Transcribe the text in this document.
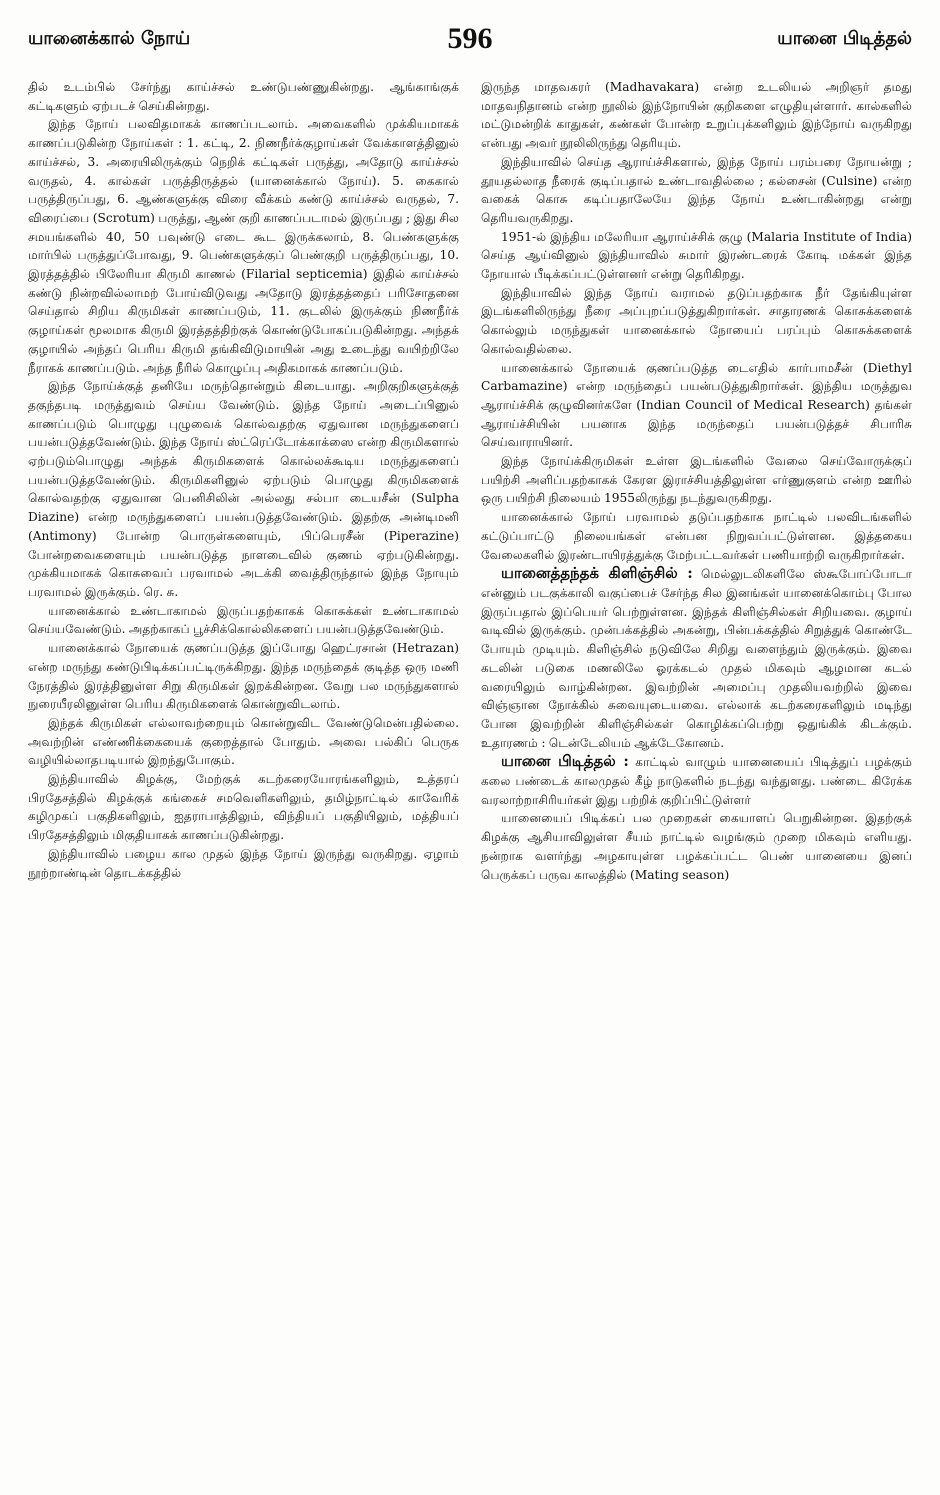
யானைக்கால் நோய்	596	யானை பிடித்தல்

தில் உடம்பில் சேர்ந்து காய்ச்சல் உண்டுபண்ணுகின்றது. ஆங்காங்குக் கட்டிகளும் ஏற்படச் செய்கின்றது.

இந்த நோய் பலவிதமாகக் காணப்படலாம். அவைகளில் முக்கியமாகக் காணப்படுகின்ற நோய்கள் : 1. கட்டி, 2. நிணநீர்க்குழாய்கள் வேக்காளத்தினுல் காய்ச்சல், 3. அரையிலிருக்கும் நெறிக் கட்டிகள் பருத்து, அதோடு காய்ச்சல் வருதல், 4. கால்கள் பருத்திருத்தல் (யானைக்கால் நோய்). 5. கைகால் பருத்திருப்பது, 6. ஆண்களுக்கு விரை வீக்கம் கண்டு காய்ச்சல் வருதல், 7. விரைப்பை (Scrotum) பருத்து, ஆண் குறி காணப்படாமல் இருப்பது ; இது சில சமயங்களில் 40, 50 பவுண்டு எடை கூட இருக்கலாம், 8. பெண்களுக்கு மார்பில் பருத்துப்போவது, 9. பெண்களுக்குப் பெண்குறி பருத்திருப்பது, 10. இரத்தத்தில் பிலேரியா கிருமி காணல் (Filarial septicemia) இதில் காய்ச்சல் கண்டு நின்றவில்லாமற் போய்விடுவது அதோடு இரத்தத்தைப் பரிசோதனை செய்தால் சிறிய கிருமிகள் காணப்படும், 11. குடலில் இருக்கும் நிணநீர்க் குழாய்கள் மூலமாக கிருமி இரத்தத்திற்குக் கொண்டுபோகப்படுகின்றது. அந்தக் குழாயில் அந்தப் பெரிய கிருமி தங்கிவிடுமாயின் அது உடைந்து வயிற்றிலே நீராகக் காணப்படும். அந்த நீரில் கொழுப்பு அதிகமாகக் காணப்படும்.

இந்த நோய்க்குத் தனியே மருந்தொன்றும் கிடையாது. அறிகுறிகளுக்குத் தகுந்தபடி மருத்துவம் செய்ய வேண்டும். இந்த நோய் அடைப்பினுல் காணப்படும் பொழுது புழுவைக் கொல்வதற்கு ஏதுவான மருந்துகளைப் பயன்படுத்தவேண்டும். இந்த நோய் ஸ்ட்ரெப்டோக்காக்ஸை என்ற கிருமிகளால் ஏற்படும்பொழுது அந்தக் கிருமிகளைக் கொல்லக்கூடிய மருந்துகளைப் பயன்படுத்தவேண்டும். கிருமிகளினுல் ஏற்படும் பொழுது கிருமிகளைக் கொல்வதற்கு ஏதுவான பெனிசிலின் அல்லது சல்பா டையசீன் (Sulpha Diazine) என்ற மருந்துகளைப் பயன்படுத்தவேண்டும். இதற்கு அன்டிமனி (Antimony) போன்ற பொருள்களையும், பிப்பெரசீன் (Piperazine) போன்றவைகளையும் பயன்படுத்த நாளடைவில் குணம் ஏற்படுகின்றது. முக்கியமாகக் கொசுவைப் பரவாமல் அடக்கி வைத்திருந்தால் இந்த நோயும் பரவாமல் இருக்கும். ரெ. சு.

யானைக்கால் உண்டாகாமல் இருப்பதற்காகக் கொசுக்கள் உண்டாகாமல் செய்யவேண்டும். அதற்காகப் பூச்சிக்கொல்லிகளைப் பயன்படுத்தவேண்டும்.

யானைக்கால் நோயைக் குணப்படுத்த இப்போது ஹெட்ரசான் (Hetrazan) என்ற மருந்து கண்டுபிடிக்கப்பட்டிருக்கிறது. இந்த மருந்தைக் குடித்த ஒரு மணி நேரத்தில் இரத்தினுள்ள சிறு கிருமிகள் இறக்கின்றன. வேறு பல மருந்துகளால் நுரையீரலினுள்ள பெரிய கிருமிகளைக் கொன்றுவிடலாம்.

இந்தக் கிருமிகள் எல்லாவற்றையும் கொன்றுவிட வேண்டுமென்பதில்லை. அவற்றின் எண்ணிக்கையைக் குறைத்தால் போதும். அவை பல்கிப் பெருக வழியில்லாதபடியால் இறந்துபோகும்.

இந்தியாவில் கிழக்கு, மேற்குக் கடற்கரையோரங்களிலும், உத்தரப் பிரதேசத்தில் கிழக்குக் கங்கைச் சமவெளிகளிலும், தமிழ்நாட்டில் காவேரிக் கழிமுகப் பகுதிகளிலும், ஐதராபாத்திலும், விந்தியப் பகுதியிலும், மத்தியப் பிரதேசத்திலும் மிகுதியாகக் காணப்படுகின்றது.

இந்தியாவில் பழைய கால முதல் இந்த நோய் இருந்து வருகிறது. ஏழாம் நூற்றாண்டின் தொடக்கத்தில்

இருந்த மாதவகரர் (Madhavakara) என்ற உடலியல் அறிஞர் தமது மாதவநிதானம் என்ற நூலில் இந்நோயின் குறிகளை எழுதியுள்ளார். கால்களில் மட்டுமன்றிக் காதுகள், கண்கள் போன்ற உறுப்புக்களிலும் இந்நோய் வருகிறது என்பது அவர் நூலிலிருந்து தெரியும்.

இந்தியாவில் செய்த ஆராய்ச்சிகளால், இந்த நோய் பரம்பரை நோயன்று ; தூயதல்லாத நீரைக் குடிப்பதால் உண்டாவதில்லை ; கல்சைன் (Culsine) என்ற வகைக் கொசு கடிப்பதாலேயே இந்த நோய் உண்டாகின்றது என்று தெரியவருகிறது.

1951-ல் இந்திய மலேரியா ஆராய்ச்சிக் குழு (Malaria Institute of India) செய்த ஆய்வினுல் இந்தியாவில் சுமார் இரண்டரைக் கோடி மக்கள் இந்த நோயால் பீடிக்கப்பட்டுள்ளனர் என்று தெரிகிறது.

இந்தியாவில் இந்த நோய் வராமல் தடுப்பதற்காக நீர் தேங்கியுள்ள இடங்களிலிருந்து நீரை அப்புறப்படுத்துகிறார்கள். சாதாரணக் கொசுக்களைக் கொல்லும் மருந்துகள் யானைக்கால் நோயைப் பரப்பும் கொசுக்களைக் கொல்வதில்லை.

யானைக்கால் நோயைக் குணப்படுத்த டைஎதில் கார்பாமசீன் (Diethyl Carbamazine) என்ற மருந்தைப் பயன்படுத்துகிறார்கள். இந்திய மருத்துவ ஆராய்ச்சிக் குழுவினர்களே (Indian Council of Medical Research) தங்கள் ஆராய்ச்சியின் பயனாக இந்த மருந்தைப் பயன்படுத்தச் சிபாரிசு செய்வாராயினர்.

இந்த நோய்க்கிருமிகள் உள்ள இடங்களில் வேலை செய்வோருக்குப் பயிற்சி அளிப்பதற்காகக் கேரள இராச்சியத்திலுள்ள எர்ணுகுளம் என்ற ஊரில் ஒரு பயிற்சி நிலையம் 1955லிருந்து நடந்துவருகிறது.

யானைக்கால் நோய் பரவாமல் தடுப்பதற்காக நாட்டில் பலவிடங்களில் கட்டுப்பாட்டு நிலையங்கள் என்பன நிறுவப்பட்டுள்ளன. இத்தகைய வேலைகளில் இரண்டாயிரத்துக்கு மேற்பட்டவர்கள் பணியாற்றி வருகிறார்கள்.

யானைத்தந்தக் கிளிஞ்சில் : மெல்லுடலிகளிலே ஸ்கூபோப்போடா என்னும் படகுக்காலி வகுப்பைச் சேர்ந்த சில இனங்கள் யானைக்கொம்பு போல இருப்பதால் இப்பெயர் பெற்றுள்ளன. இந்தக் கிளிஞ்சில்கள் சிறியவை. குழாய் வடிவில் இருக்கும். முன்பக்கத்தில் அகன்று, பின்பக்கத்தில் சிறுத்துக் கொண்டே போயும் முடியும். கிளிஞ்சில் நடுவிலே சிறிது வளைந்தும் இருக்கும். இவை கடலின் படுகை மணலிலே ஓரக்கடல் முதல் மிகவும் ஆழமான கடல் வரையிலும் வாழ்கின்றன. இவற்றின் அமைப்பு முதலியவற்றில் இவை விஞ்ஞான நோக்கில் சுவையுடையவை. எல்லாக் கடற்கரைகளிலும் மடிந்து போன இவற்றின் கிளிஞ்சில்கள் கொழிக்கப்பெற்று ஒதுங்கிக் கிடக்கும். உதாரணம் : டென்டேலியம் ஆக்டேகோனம்.

யானை பிடித்தல் : காட்டில் வாழும் யானையைப் பிடித்துப் பழக்கும் கலை பண்டைக் காலமுதல் கீழ் நாடுகளில் நடந்து வந்துளது. பண்டை கிரேக்க வரலாற்றாசிரியர்கள் இது பற்றிக் குறிப்பிட்டுள்ளர்

யானையைப் பிடிக்கப் பல முறைகள் கையாளப் பெறுகின்றன. இதற்குக் கிழக்கு ஆசியாவிலுள்ள சீயம் நாட்டில் வழங்கும் முறை மிகவும் எளியது. நன்றாக வளர்ந்து அழகாயுள்ள பழக்கப்பட்ட பெண் யானையை இனப் பெருக்கப் பருவ காலத்தில் (Mating season)
